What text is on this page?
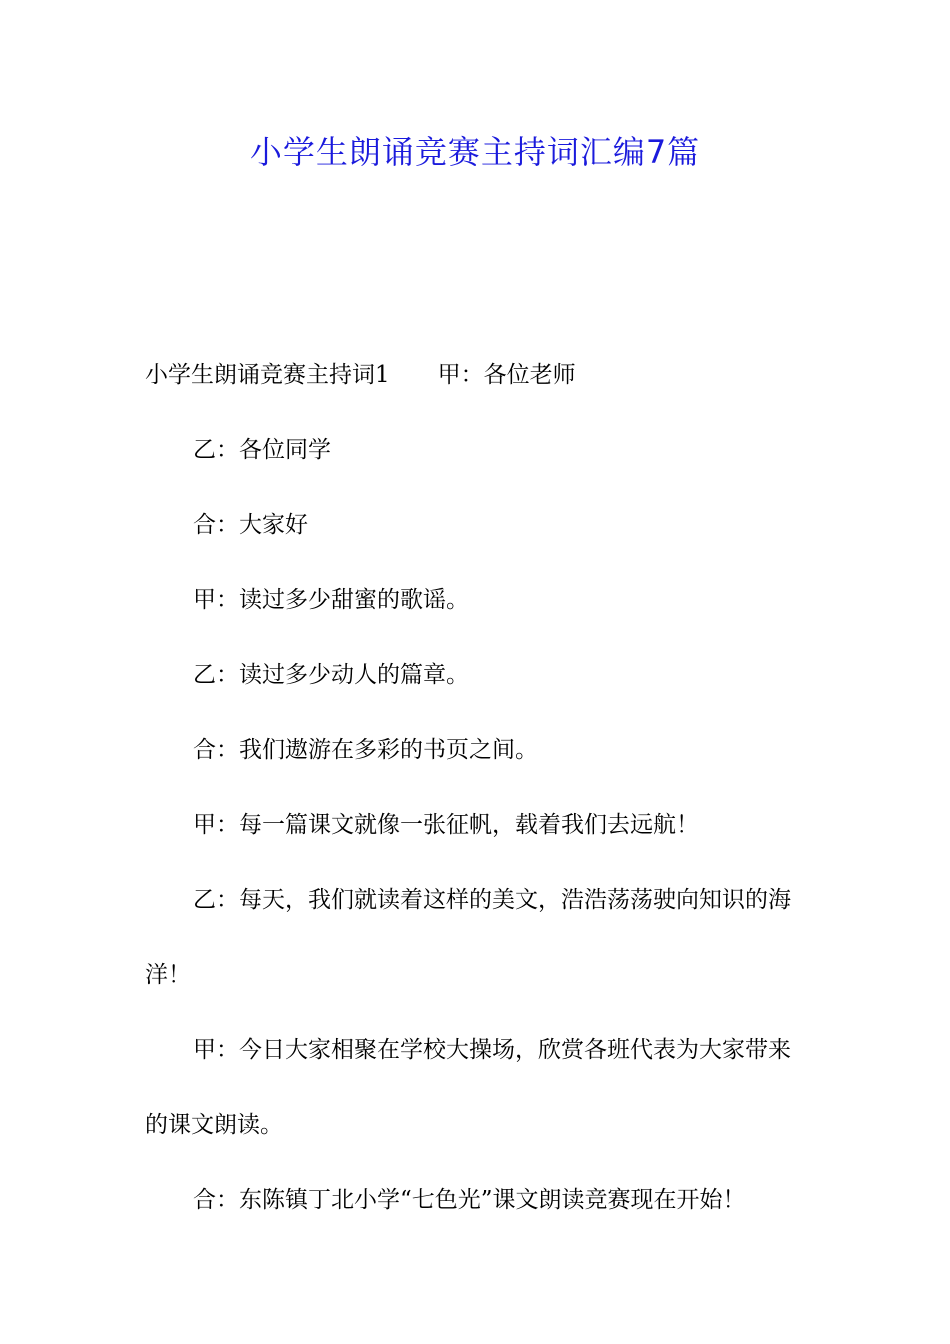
小学生朗诵竞赛主持词汇编7篇

小学生朗诵竞赛主持词1 甲：各位老师

乙：各位同学

合：大家好

甲：读过多少甜蜜的歌谣。

乙：读过多少动人的篇章。

合：我们遨游在多彩的书页之间。

甲：每一篇课文就像一张征帆，载着我们去远航！

乙：每天，我们就读着这样的美文，浩浩荡荡驶向知识的海洋！

甲：今日大家相聚在学校大操场，欣赏各班代表为大家带来的课文朗读。

合：东陈镇丁北小学“七色光”课文朗读竞赛现在开始！
